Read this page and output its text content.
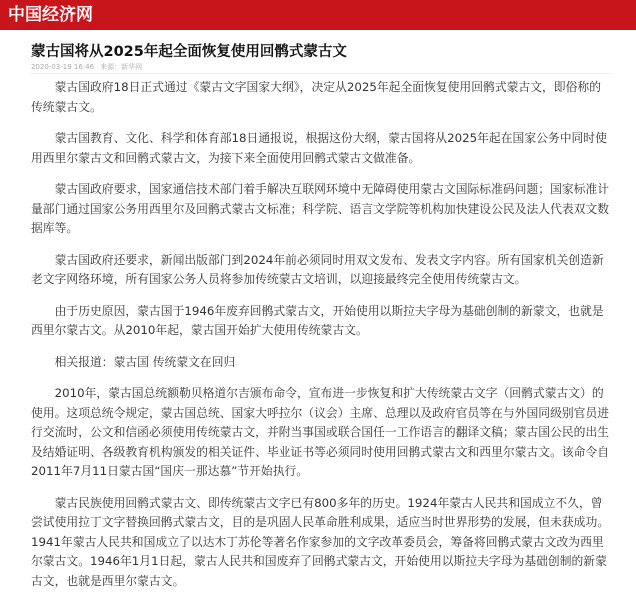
中国经济网
蒙古国将从2025年起全面恢复使用回鹘式蒙古文
2020-03-19 16:46 来源：新华网

蒙古国政府18日正式通过《蒙古文字国家大纲》，决定从2025年起全面恢复使用回鹘式蒙古文，即俗称的传统蒙古文。

蒙古国教育、文化、科学和体育部18日通报说，根据这份大纲，蒙古国将从2025年起在国家公务中同时使用西里尔蒙古文和回鹘式蒙古文，为接下来全面使用回鹘式蒙古文做准备。

蒙古国政府要求，国家通信技术部门着手解决互联网环境中无障碍使用蒙古文国际标准码问题；国家标准计量部门通过国家公务用西里尔及回鹘式蒙古文标准；科学院、语言文学院等机构加快建设公民及法人代表双文数据库等。

蒙古国政府还要求，新闻出版部门到2024年前必须同时用双文发布、发表文字内容。所有国家机关创造新老文字网络环境，所有国家公务人员将参加传统蒙古文培训，以迎接最终完全使用传统蒙古文。

由于历史原因，蒙古国于1946年废弃回鹘式蒙古文，开始使用以斯拉夫字母为基础创制的新蒙文，也就是西里尔蒙古文。从2010年起，蒙古国开始扩大使用传统蒙古文。

相关报道：蒙古国 传统蒙文在回归

2010年，蒙古国总统额勒贝格道尔吉颁布命令，宣布进一步恢复和扩大传统蒙古文字（回鹘式蒙古文）的使用。这项总统令规定，蒙古国总统、国家大呼拉尔（议会）主席、总理以及政府官员等在与外国同级别官员进行交流时，公文和信函必须使用传统蒙古文，并附当事国或联合国任一工作语言的翻译文稿；蒙古国公民的出生及结婚证明、各级教育机构颁发的相关证件、毕业证书等必须同时使用回鹘式蒙古文和西里尔蒙古文。该命令自2011年7月11日蒙古国“国庆一那达慕”节开始执行。

蒙古民族使用回鹘式蒙古文、即传统蒙古文字已有800多年的历史。1924年蒙古人民共和国成立不久，曾尝试使用拉丁文字替换回鹘式蒙古文，目的是巩固人民革命胜利成果，适应当时世界形势的发展，但未获成功。1941年蒙古人民共和国成立了以达木丁苏伦等著名作家参加的文字改革委员会，筹备将回鹘式蒙古文改为西里尔蒙古文。1946年1月1日起，蒙古人民共和国废弃了回鹘式蒙古文，开始使用以斯拉夫字母为基础创制的新蒙古文，也就是西里尔蒙古文。
